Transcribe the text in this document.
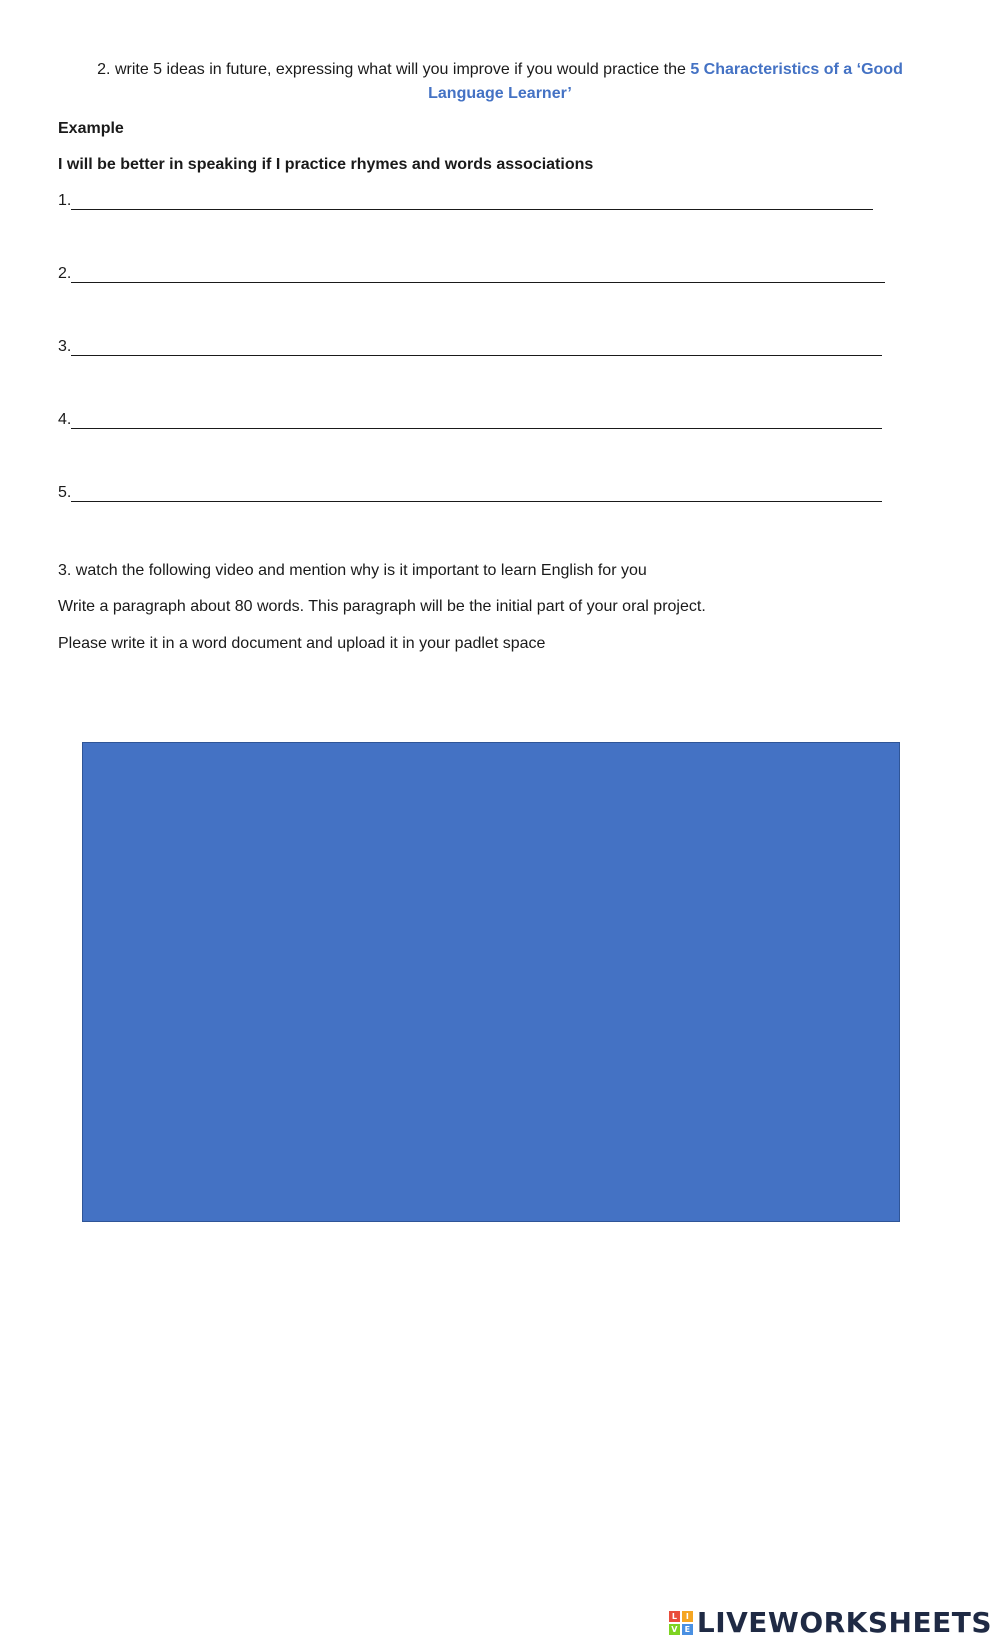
2. write 5 ideas in future, expressing what will you improve if you would practice the 5 Characteristics of a ‘Good
Language Learner’
Example
I will be better in speaking if I practice rhymes and words associations
1.
2.
3.
4.
5.
3. watch the following video and mention why is it important to learn English for you
Write a paragraph about 80 words. This paragraph will be the initial part of your oral project.
Please write it in a word document and upload it in your padlet space
L	I
V E LIVEWORKSHEETS
